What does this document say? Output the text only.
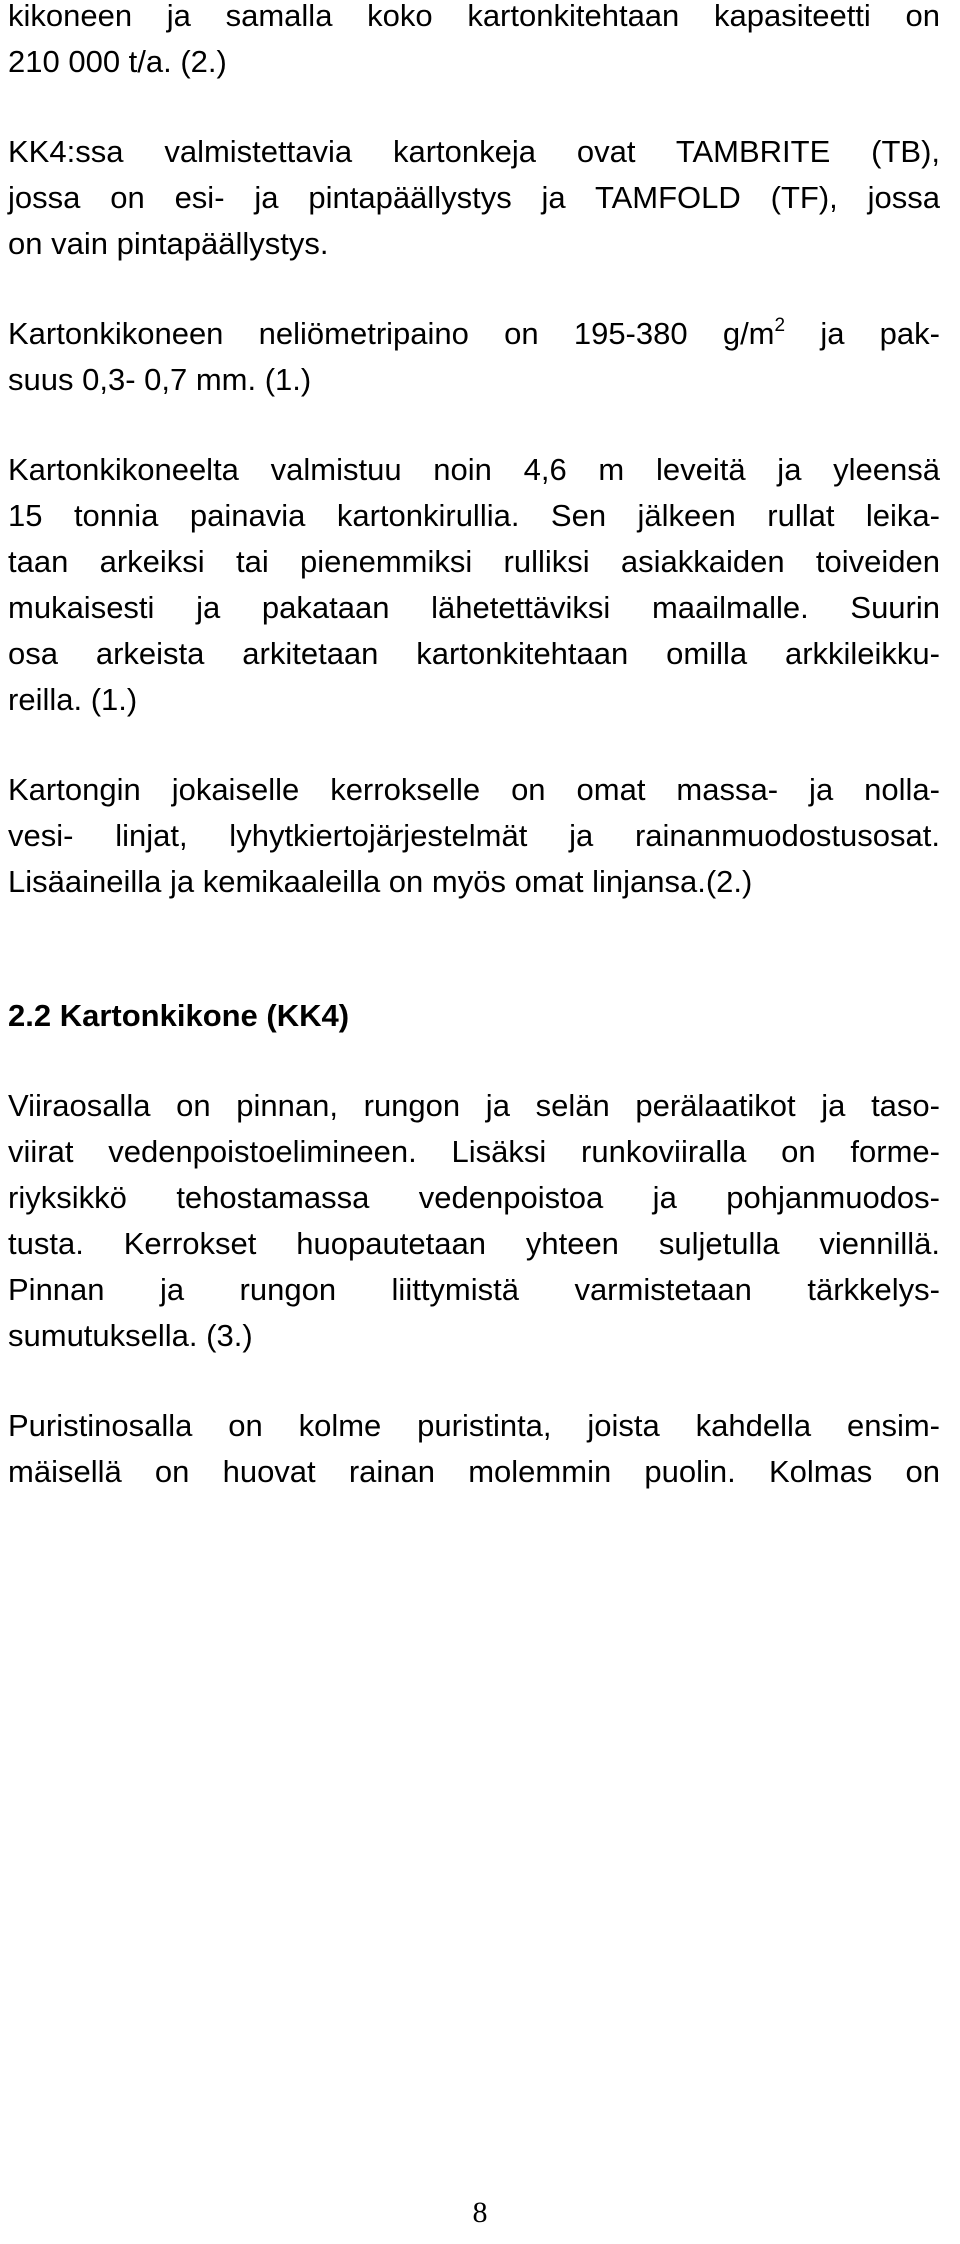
kikoneen ja samalla koko kartonkitehtaan kapasiteetti on
210 000 t/a. (2.)
KK4:ssa valmistettavia kartonkeja ovat TAMBRITE (TB),
jossa on esi- ja pintapäällystys ja TAMFOLD (TF), jossa
on vain pintapäällystys.
Kartonkikoneen neliömetripaino on 195-380 $g/m^2$ ja pak-
suus 0,3- 0,7 mm. (1.)
Kartonkikoneelta valmistuu noin 4,6 m leveitä ja yleensä
15 tonnia painavia kartonkirullia. Sen jälkeen rullat leika-
taan arkeiksi tai pienemmiksi rulliksi asiakkaiden toiveiden
mukaisesti ja pakataan lähetettäviksi maailmalle. Suurin
osa arkeista arkitetaan kartonkitehtaan omilla arkkileikku-
reilla. (1.)
Kartongin jokaiselle kerrokselle on omat massa- ja nolla-
vesi- linjat, lyhytkiertojärjestelmät ja rainanmuodostusosat.
Lisäaineilla ja kemikaaleilla on myös omat linjansa.(2.)
2.2 Kartonkikone (KK4)
Viiraosalla on pinnan, rungon ja selän perälaatikot ja taso-
viirat vedenpoistoelimineen. Lisäksi runkoviiralla on forme-
riyksikkö tehostamassa vedenpoistoa ja pohjanmuodos-
tusta. Kerrokset huopautetaan yhteen suljetulla viennillä.
Pinnan ja rungon liittymistä varmistetaan tärkkelys-
sumutuksella. (3.)
Puristinosalla on kolme puristinta, joista kahdella ensim-
mäisellä on huovat rainan molemmin puolin. Kolmas on
8
